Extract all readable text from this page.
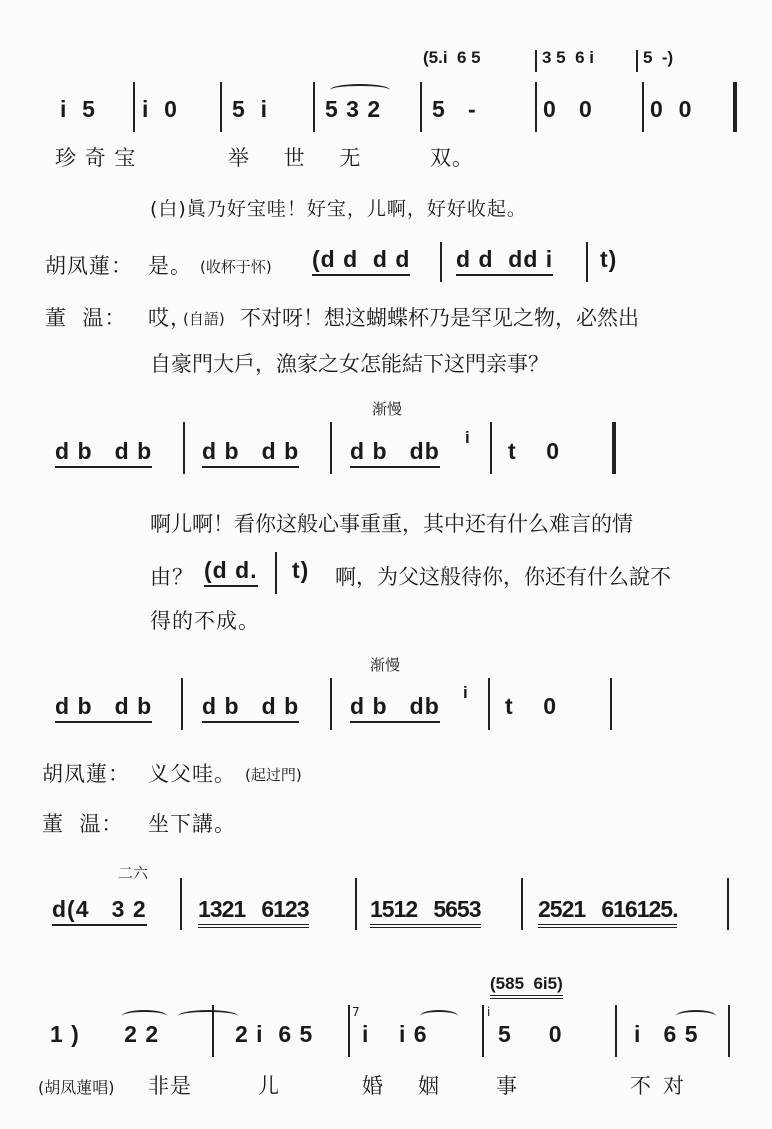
(5.i  6 5	3 5  6 i	5  -)
i  5 i  0 5  i 5 3 2 5   -	0   0 0  0
珍 奇 宝	举 世 无	双。
(白)眞乃好宝哇！好宝，儿啊，好好收起。
胡凤蓮： 是。 (收杯于怀) (d d  d d d d  dd i t)
董  温： 哎，
(自語) 不对呀！想这蝴蝶杯乃是罕见之物，必然出
自豪門大戶，漁家之女怎能結下这門亲事？
渐慢
d b   d b d b   d b d b   db
i
t    0
啊儿啊！看你这般心事重重，其中还有什么难言的情
由？ (d d. t) 啊，为父这般待你，你还有什么說不
得的不成。
渐慢
d b   d b d b   d b d b   db
i
t    0
胡凤蓮： 义父哇。 (起过門)
董  温： 坐下講。
二六
d(4   3 2 1321   6123	1512   5653 2521   616125.
(585  6i5)
1 )      2 2	2 i  6 5
7
i    i 6
i
5     0	i   6 5
(胡凤蓮唱) 非是	儿	婚 姻	事	不对
